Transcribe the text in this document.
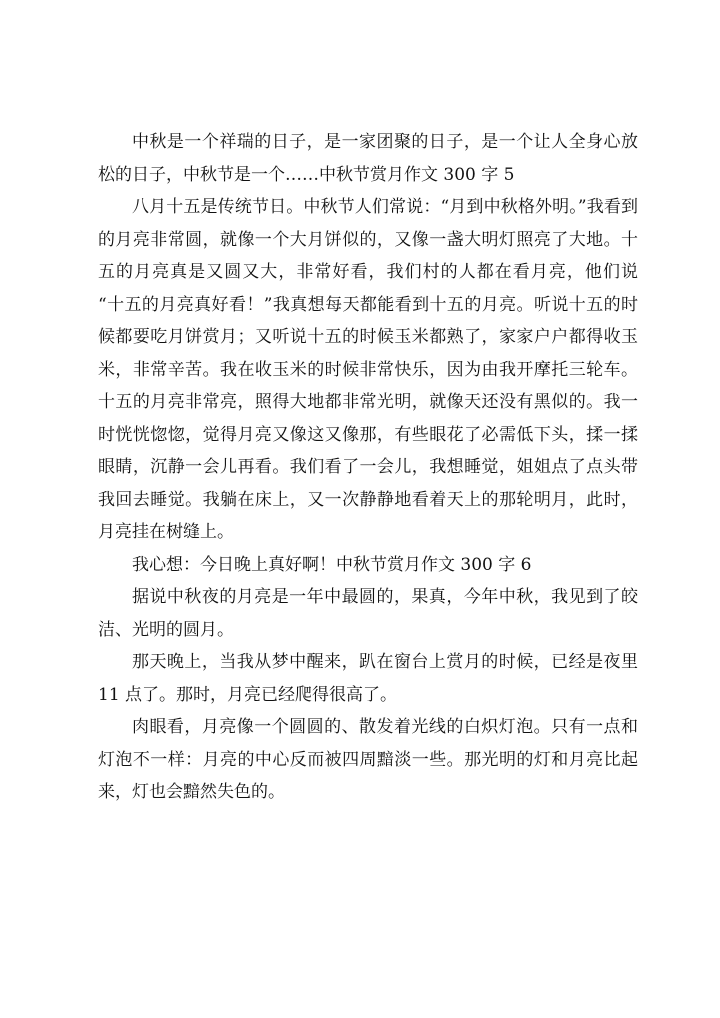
中秋是一个祥瑞的日子，是一家团聚的日子，是一个让人全身心放松的日子，中秋节是一个……中秋节赏月作文 300 字 5

八月十五是传统节日。中秋节人们常说：“月到中秋格外明。”我看到的月亮非常圆，就像一个大月饼似的，又像一盏大明灯照亮了大地。十五的月亮真是又圆又大，非常好看，我们村的人都在看月亮，他们说 “十五的月亮真好看！”我真想每天都能看到十五的月亮。听说十五的时候都要吃月饼赏月；又听说十五的时候玉米都熟了，家家户户都得收玉米，非常辛苦。我在收玉米的时候非常快乐，因为由我开摩托三轮车。十五的月亮非常亮，照得大地都非常光明，就像天还没有黑似的。我一时恍恍惚惚，觉得月亮又像这又像那，有些眼花了必需低下头，揉一揉眼睛，沉静一会儿再看。我们看了一会儿，我想睡觉，姐姐点了点头带我回去睡觉。我躺在床上，又一次静静地看着天上的那轮明月，此时，月亮挂在树缝上。

我心想：今日晚上真好啊！中秋节赏月作文 300 字 6

据说中秋夜的月亮是一年中最圆的，果真，今年中秋，我见到了皎洁、光明的圆月。

那天晚上，当我从梦中醒来，趴在窗台上赏月的时候，已经是夜里 11 点了。那时，月亮已经爬得很高了。

肉眼看，月亮像一个圆圆的、散发着光线的白炽灯泡。只有一点和灯泡不一样：月亮的中心反而被四周黯淡一些。那光明的灯和月亮比起来，灯也会黯然失色的。
